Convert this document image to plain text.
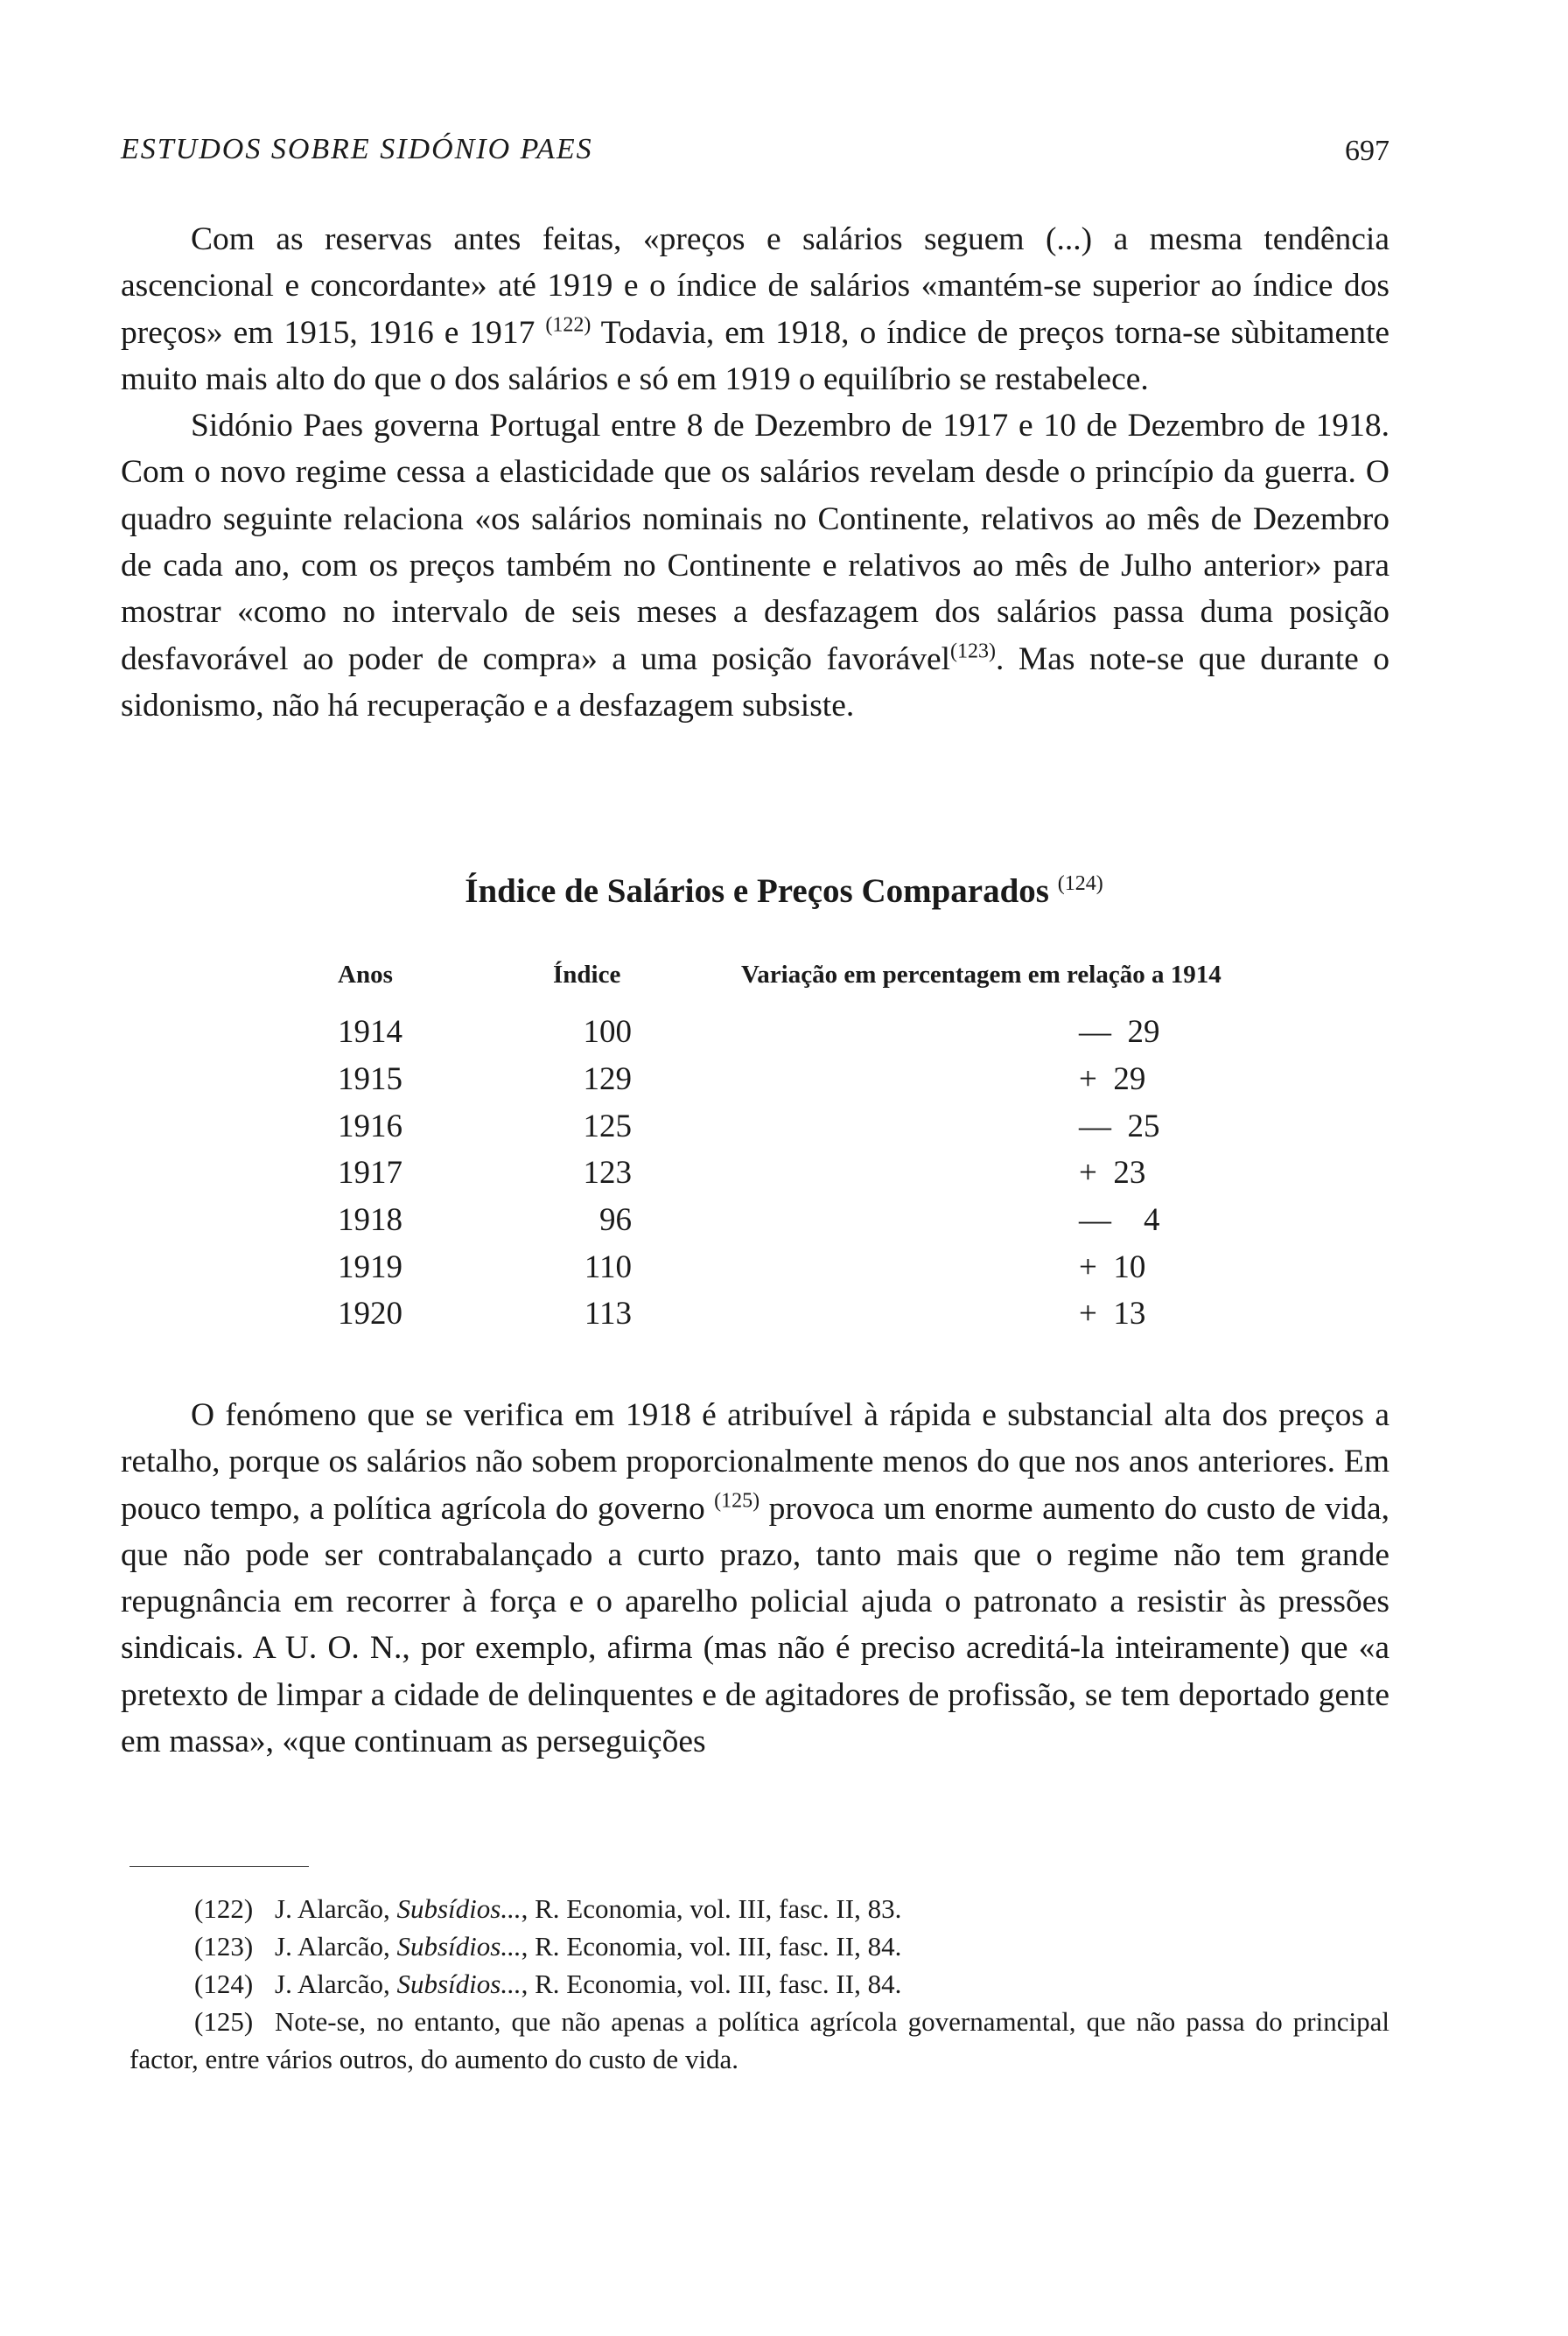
ESTUDOS SOBRE SIDÓNIO PAES	697

Com as reservas antes feitas, «preços e salários seguem (...) a mesma tendência ascencional e concordante» até 1919 e o índice de salários «mantém-se superior ao índice dos preços» em 1915, 1916 e 1917 $^{(122)}$ Todavia, em 1918, o índice de preços torna-se sùbitamente muito mais alto do que o dos salários e só em 1919 o equilíbrio se restabelece.

Sidónio Paes governa Portugal entre 8 de Dezembro de 1917 e 10 de Dezembro de 1918. Com o novo regime cessa a elasticidade que os salários revelam desde o princípio da guerra. O quadro seguinte relaciona «os salários nominais no Continente, relativos ao mês de Dezembro de cada ano, com os preços também no Continente e relativos ao mês de Julho anterior» para mostrar «como no intervalo de seis meses a desfazagem dos salários passa duma posição desfavorável ao poder de compra» a uma posição favorável$^{(123)}$. Mas note-se que durante o sidonismo, não há recuperação e a desfazagem subsiste.

Índice de Salários e Preços Comparados $^{(124)}$
Anos	Índice	Variação em percentagem em relação a 1914
1914	100	—  29
1915	129	+  29
1916	125	—  25
1917	123	+  23
1918	96	—    4
1919	110	+  10
1920	113	+  13

O fenómeno que se verifica em 1918 é atribuível à rápida e substancial alta dos preços a retalho, porque os salários não sobem proporcionalmente menos do que nos anos anteriores. Em pouco tempo, a política agrícola do governo $^{(125)}$ provoca um enorme aumento do custo de vida, que não pode ser contrabalançado a curto prazo, tanto mais que o regime não tem grande repugnância em recorrer à força e o aparelho policial ajuda o patronato a resistir às pressões sindicais. A U. O. N., por exemplo, afirma (mas não é preciso acreditá-la inteiramente) que «a pretexto de limpar a cidade de delinquentes e de agitadores de profissão, se tem deportado gente em massa», «que continuam as perseguições

(122) J. Alarcão, Subsídios..., R. Economia, vol. III, fasc. II, 83.

(123) J. Alarcão, Subsídios..., R. Economia, vol. III, fasc. II, 84.

(124) J. Alarcão, Subsídios..., R. Economia, vol. III, fasc. II, 84.

(125) Note-se, no entanto, que não apenas a política agrícola governamental, que não passa do principal factor, entre vários outros, do aumento do custo de vida.
